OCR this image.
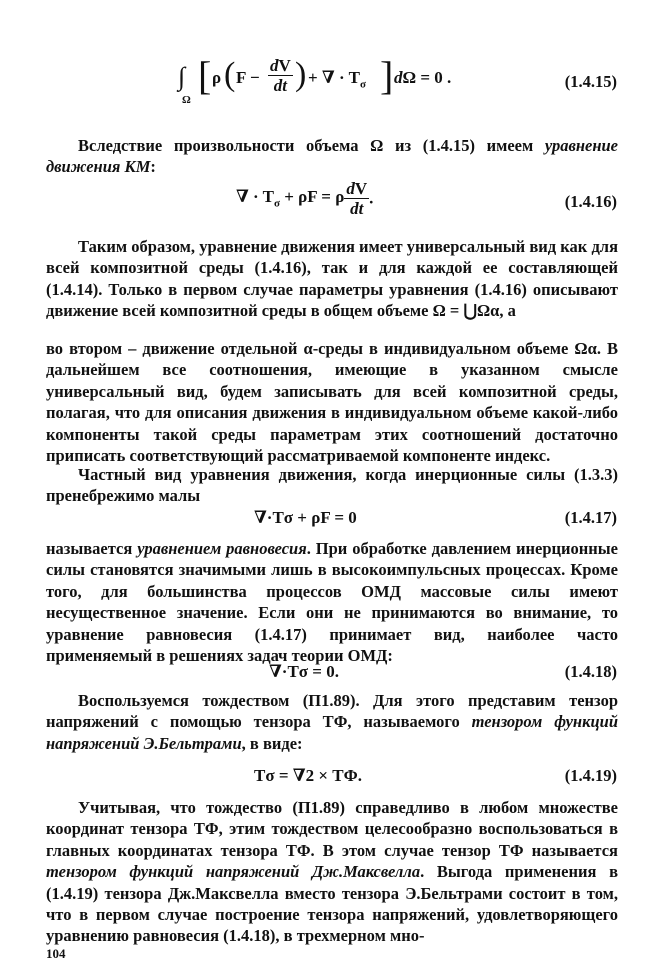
∫
Ω
[ ρ ( $F - \frac{dV}{dt}$ ) + ∇ · $T_\sigma$ ] dΩ = 0 .	(1.4.15)
Вследствие произвольности объема Ω из (1.4.15) имеем уравнение движения КМ:
∇ · $T_\sigma + \rho F = \rho \frac{dV}{dt}$ .	(1.4.16)
Таким образом, уравнение движения имеет универсальный вид как для всей композитной среды (1.4.16), так и для каждой ее составляющей (1.4.14). Только в первом случае параметры уравнения (1.4.16) описывают движение всей композитной среды в общем объеме Ω = ⋃Ωα, а
во втором – движение отдельной α-среды в индивидуальном объеме Ωα. В дальнейшем все соотношения, имеющие в указанном смысле универсальный вид, будем записывать для всей композитной среды, полагая, что для описания движения в индивидуальном объеме какой-либо компоненты такой среды параметрам этих соотношений достаточно приписать соответствующий рассматриваемой компоненте индекс.
Частный вид уравнения движения, когда инерционные силы (1.3.3) пренебрежимо малы
∇·Tσ + ρF = 0	(1.4.17)
называется уравнением равновесия. При обработке давлением инерционные силы становятся значимыми лишь в высокоимпульсных процессах. Кроме того, для большинства процессов ОМД массовые силы имеют несущественное значение. Если они не принимаются во внимание, то уравнение равновесия (1.4.17) принимает вид, наиболее часто применяемый в решениях задач теории ОМД:
∇·Tσ = 0.	(1.4.18)
Воспользуемся тождеством (П1.89). Для этого представим тензор напряжений с помощью тензора TΦ, называемого тензором функций напряжений Э.Бельтрами, в виде:
Tσ = ∇2 × TΦ.	(1.4.19)
Учитывая, что тождество (П1.89) справедливо в любом множестве координат тензора TΦ, этим тождеством целесообразно воспользоваться в главных координатах тензора TΦ. В этом случае тензор TΦ называется тензором функций напряжений Дж.Максвелла. Выгода применения в (1.4.19) тензора Дж.Максвелла вместо тензора Э.Бельтрами состоит в том, что в первом случае построение тензора напряжений, удовлетворяющего уравнению равновесия (1.4.18), в трехмерном мно-
104
